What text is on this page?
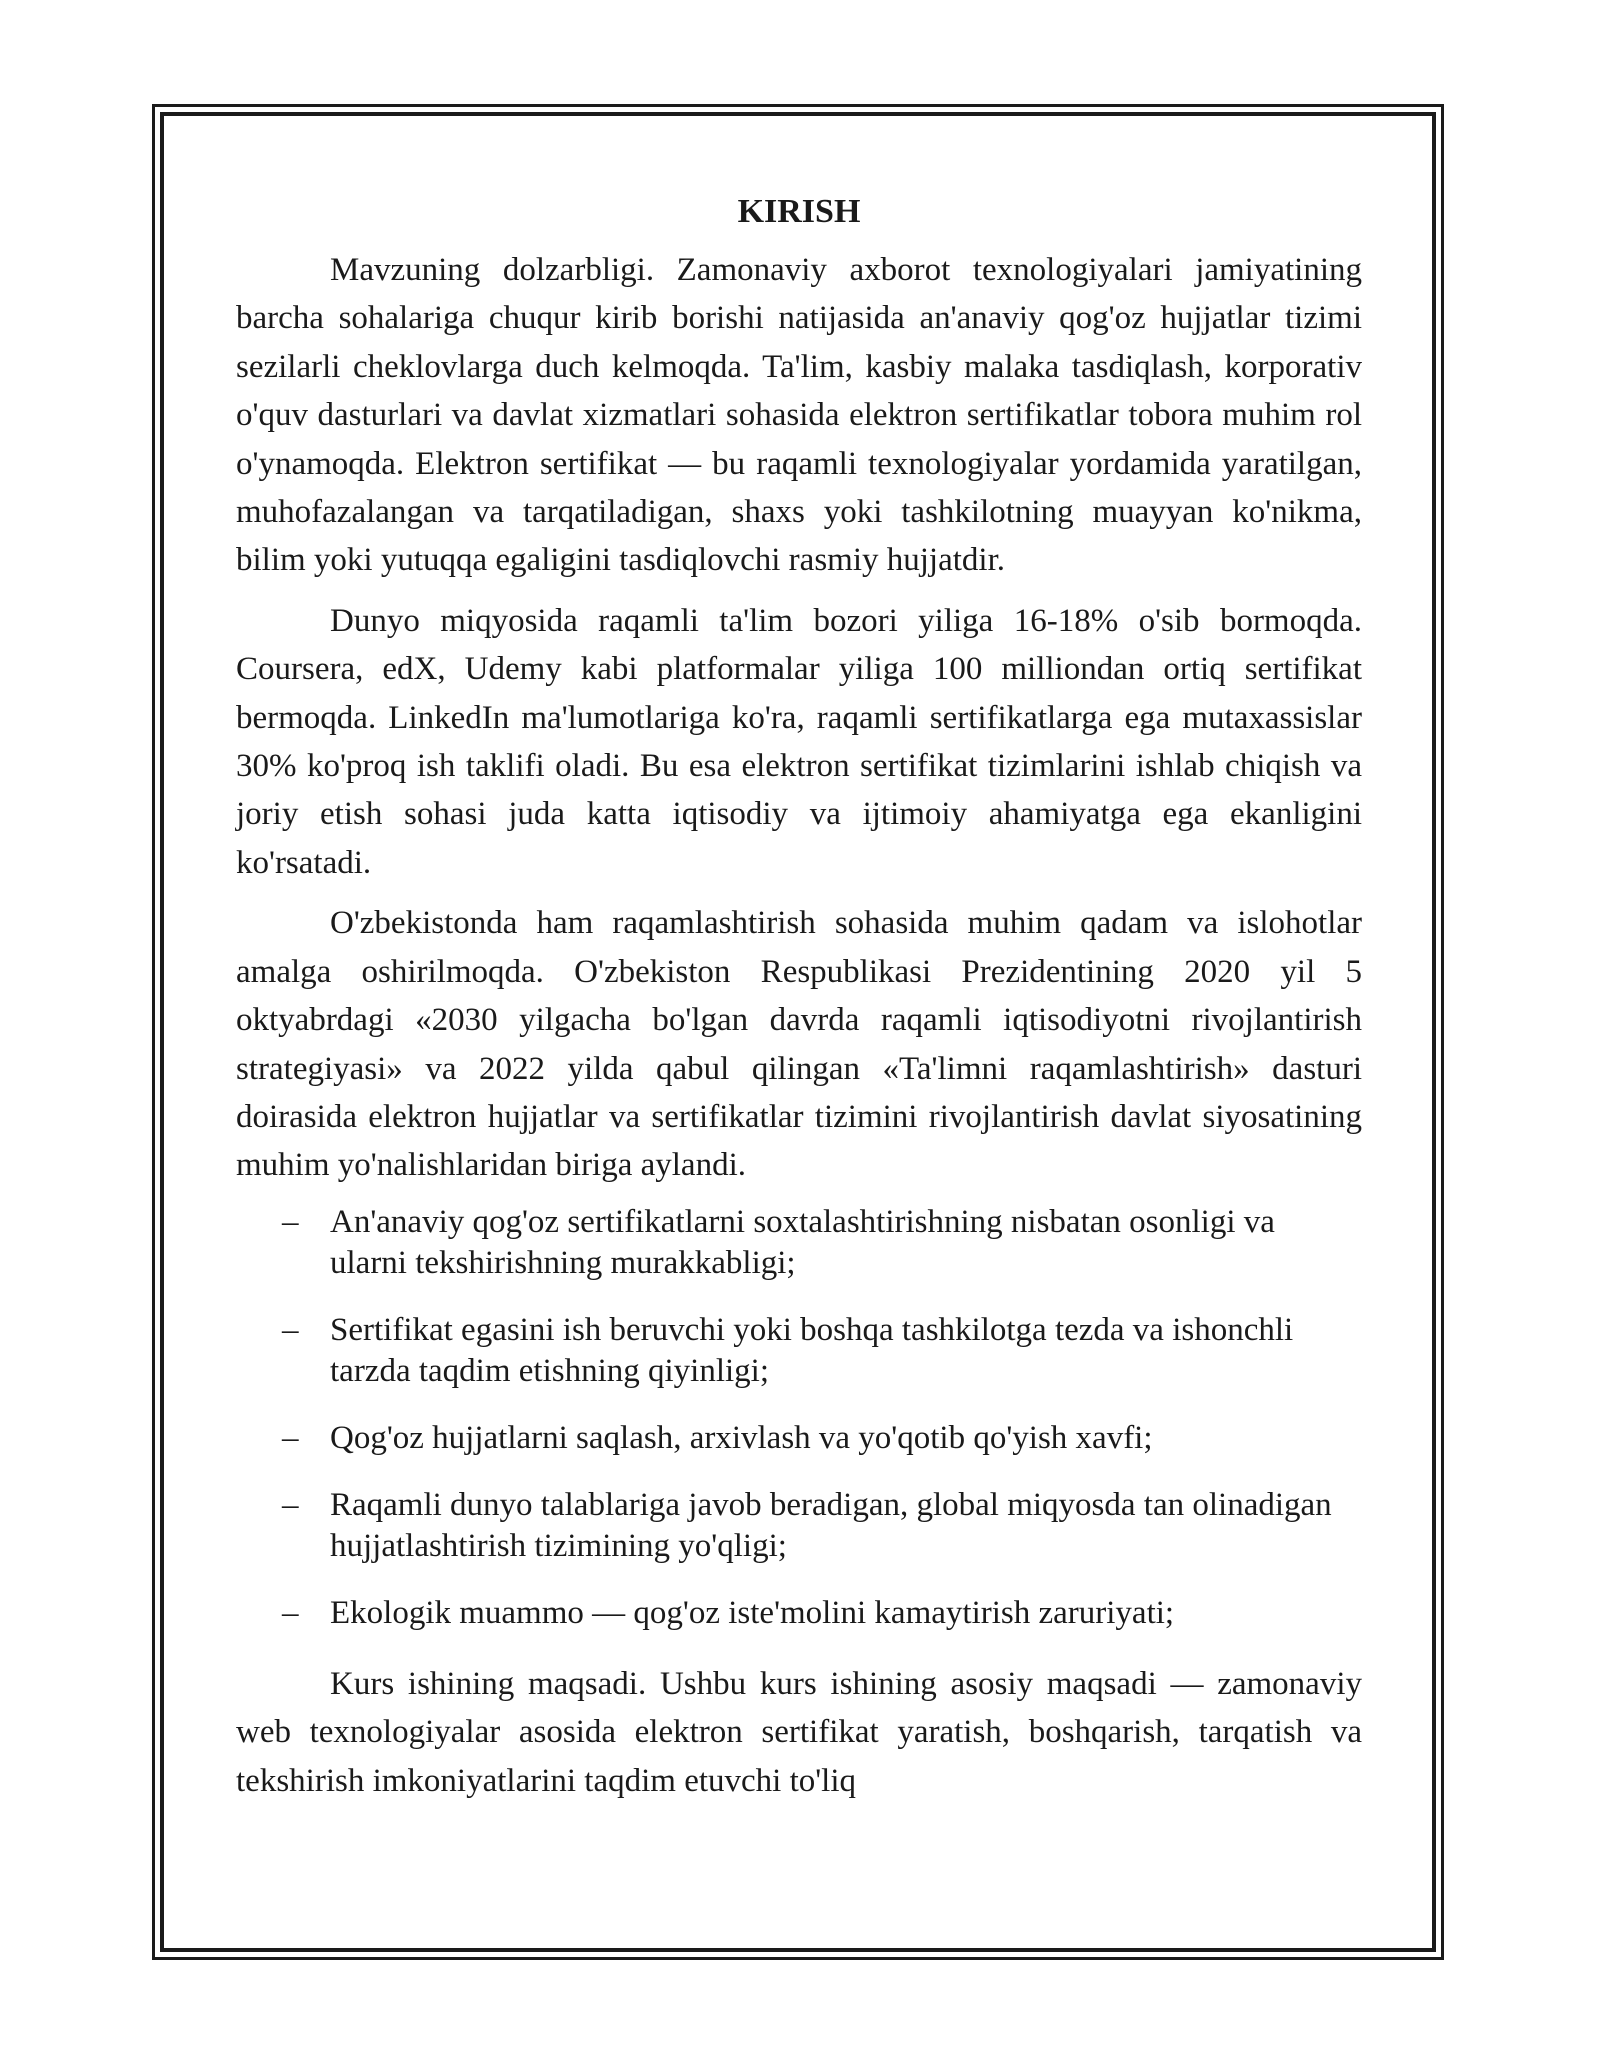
KIRISH

Mavzuning dolzarbligi. Zamonaviy axborot texnologiyalari jamiyatining barcha sohalariga chuqur kirib borishi natijasida an'anaviy qog'oz hujjatlar tizimi sezilarli cheklovlarga duch kelmoqda. Ta'lim, kasbiy malaka tasdiqlash, korporativ o'quv dasturlari va davlat xizmatlari sohasida elektron sertifikatlar tobora muhim rol o'ynamoqda. Elektron sertifikat — bu raqamli texnologiyalar yordamida yaratilgan, muhofazalangan va tarqatiladigan, shaxs yoki tashkilotning muayyan ko'nikma, bilim yoki yutuqqa egaligini tasdiqlovchi rasmiy hujjatdir.

Dunyo miqyosida raqamli ta'lim bozori yiliga 16-18% o'sib bormoqda. Coursera, edX, Udemy kabi platformalar yiliga 100 milliondan ortiq sertifikat bermoqda. LinkedIn ma'lumotlariga ko'ra, raqamli sertifikatlarga ega mutaxassislar 30% ko'proq ish taklifi oladi. Bu esa elektron sertifikat tizimlarini ishlab chiqish va joriy etish sohasi juda katta iqtisodiy va ijtimoiy ahamiyatga ega ekanligini ko'rsatadi.

O'zbekistonda ham raqamlashtirish sohasida muhim qadam va islohotlar amalga oshirilmoqda. O'zbekiston Respublikasi Prezidentining 2020 yil 5 oktyabrdagi «2030 yilgacha bo'lgan davrda raqamli iqtisodiyotni rivojlantirish strategiyasi» va 2022 yilda qabul qilingan «Ta'limni raqamlashtirish» dasturi doirasida elektron hujjatlar va sertifikatlar tizimini rivojlantirish davlat siyosatining muhim yo'nalishlaridan biriga aylandi.

– An'anaviy qog'oz sertifikatlarni soxtalashtirishning nisbatan osonligi va ularni tekshirishning murakkabligi;
– Sertifikat egasini ish beruvchi yoki boshqa tashkilotga tezda va ishonchli tarzda taqdim etishning qiyinligi;
– Qog'oz hujjatlarni saqlash, arxivlash va yo'qotib qo'yish xavfi;
– Raqamli dunyo talablariga javob beradigan, global miqyosda tan olinadigan hujjatlashtirish tizimining yo'qligi;
– Ekologik muammo — qog'oz iste'molini kamaytirish zaruriyati;

Kurs ishining maqsadi. Ushbu kurs ishining asosiy maqsadi — zamonaviy web texnologiyalar asosida elektron sertifikat yaratish, boshqarish, tarqatish va tekshirish imkoniyatlarini taqdim etuvchi to'liq
